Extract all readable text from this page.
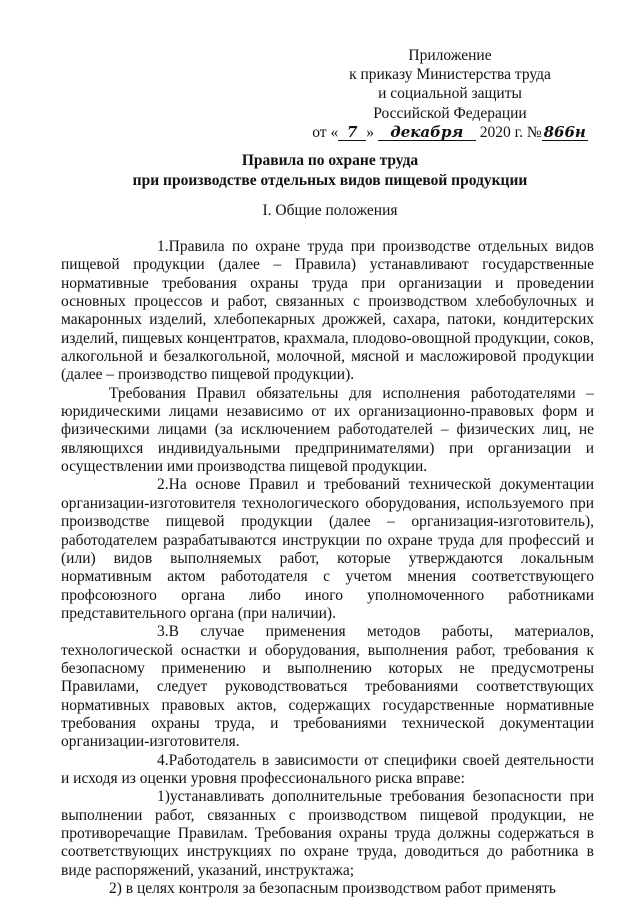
Приложение
к приказу Министерства труда
и социальной защиты
Российской Федерации
от « 7 » декабря 2020 г. № 866н
Правила по охране труда
при производстве отдельных видов пищевой продукции
I. Общие положения

1.Правила по охране труда при производстве отдельных видов пищевой продукции (далее – Правила) устанавливают государственные нормативные требования охраны труда при организации и проведении основных процессов и работ, связанных с производством хлебобулочных и макаронных изделий, хлебопекарных дрожжей, сахара, патоки, кондитерских изделий, пищевых концентратов, крахмала, плодово-овощной продукции, соков, алкогольной и безалкогольной, молочной, мясной и масложировой продукции (далее – производство пищевой продукции).

Требования Правил обязательны для исполнения работодателями – юридическими лицами независимо от их организационно-правовых форм и физическими лицами (за исключением работодателей – физических лиц, не являющихся индивидуальными предпринимателями) при организации и осуществлении ими производства пищевой продукции.

2.На основе Правил и требований технической документации организации-изготовителя технологического оборудования, используемого при производстве пищевой продукции (далее – организация-изготовитель), работодателем разрабатываются инструкции по охране труда для профессий и (или) видов выполняемых работ, которые утверждаются локальным нормативным актом работодателя с учетом мнения соответствующего профсоюзного органа либо иного уполномоченного работниками представительного органа (при наличии).

3.В случае применения методов работы, материалов, технологической оснастки и оборудования, выполнения работ, требования к безопасному применению и выполнению которых не предусмотрены Правилами, следует руководствоваться требованиями соответствующих нормативных правовых актов, содержащих государственные нормативные требования охраны труда, и требованиями технической документации организации-изготовителя.

4.Работодатель в зависимости от специфики своей деятельности и исходя из оценки уровня профессионального риска вправе:

1)устанавливать дополнительные требования безопасности при выполнении работ, связанных с производством пищевой продукции, не противоречащие Правилам. Требования охраны труда должны содержаться в соответствующих инструкциях по охране труда, доводиться до работника в виде распоряжений, указаний, инструктажа;

2) в целях контроля за безопасным производством работ применять
